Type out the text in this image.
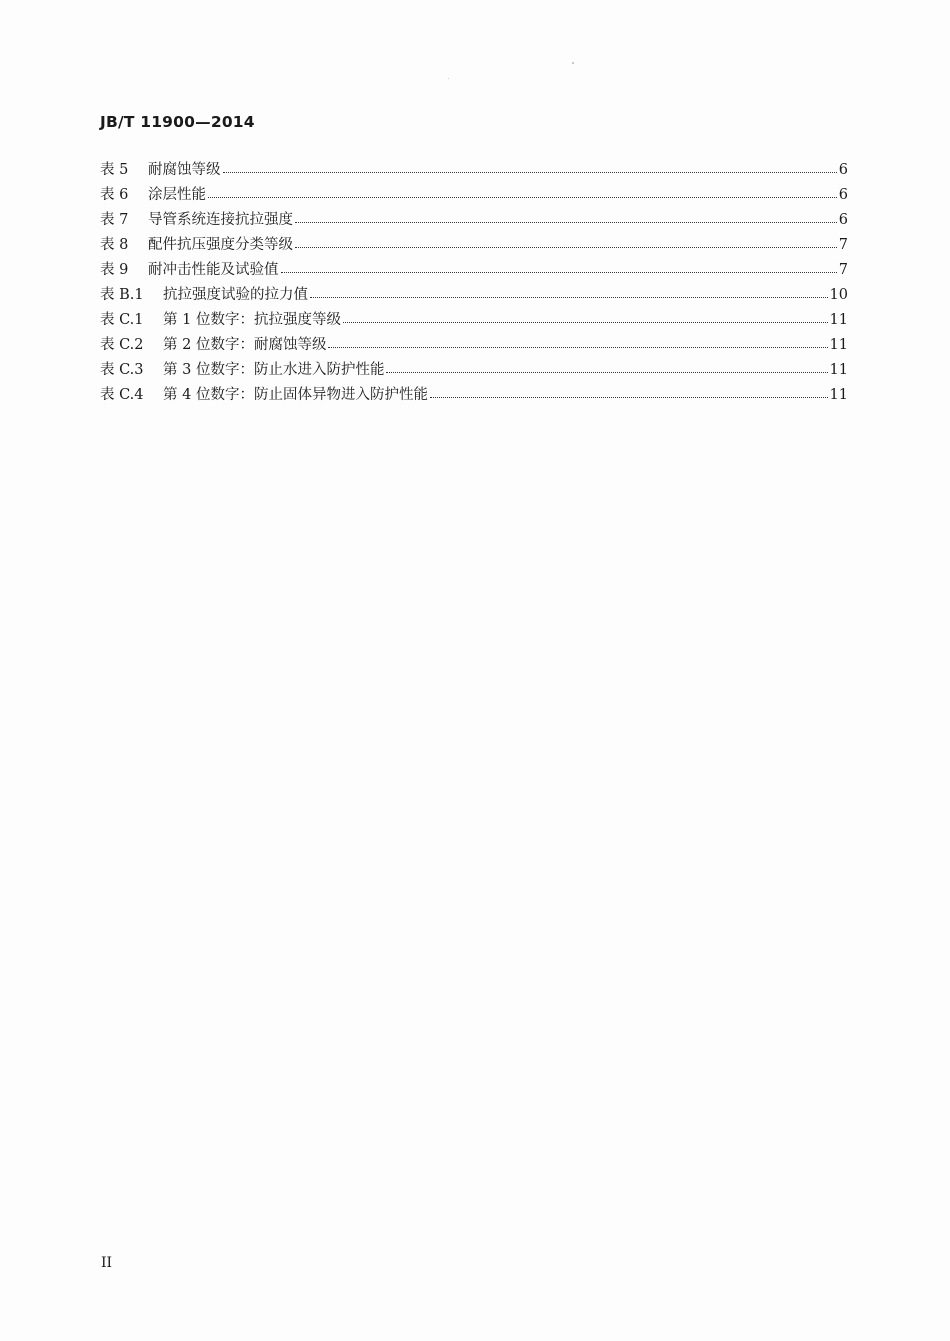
JB/T 11900—2014
表 5	耐腐蚀等级	6
表 6	涂层性能	6
表 7	导管系统连接抗拉强度	6
表 8	配件抗压强度分类等级	7
表 9	耐冲击性能及试验值	7
表 B.1	抗拉强度试验的拉力值	10
表 C.1	第 1 位数字：抗拉强度等级	11
表 C.2	第 2 位数字：耐腐蚀等级	11
表 C.3	第 3 位数字：防止水进入防护性能	11
表 C.4	第 4 位数字：防止固体异物进入防护性能	11
II
